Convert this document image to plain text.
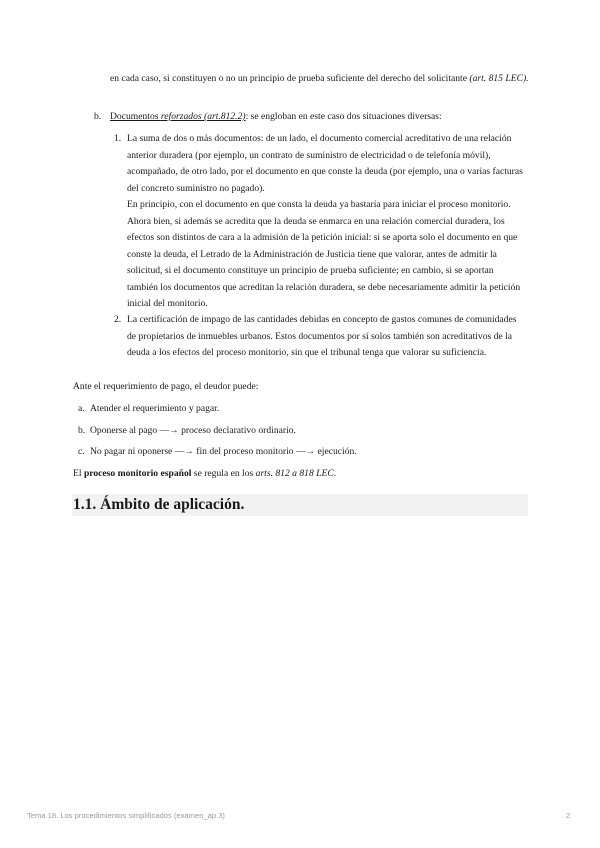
en cada caso, si constituyen o no un principio de prueba suficiente del derecho del solicitante (art. 815 LEC).

b. Documentos reforzados (art.812.2): se engloban en este caso dos situaciones diversas:

1. La suma de dos o más documentos: de un lado, el documento comercial acreditativo de una relación anterior duradera (por ejemplo, un contrato de suministro de electricidad o de telefonía móvil), acompañado, de otro lado, por el documento en que conste la deuda (por ejemplo, una o varias facturas del concreto suministro no pagado).

En principio, con el documento en que consta la deuda ya bastaría para iniciar el proceso monitorio. Ahora bien, si además se acredita que la deuda se enmarca en una relación comercial duradera, los efectos son distintos de cara a la admisión de la petición inicial: si se aporta solo el documento en que conste la deuda, el Letrado de la Administración de Justicia tiene que valorar, antes de admitir la solicitud, si el documento constituye un principio de prueba suficiente; en cambio, si se aportan también los documentos que acreditan la relación duradera, se debe necesariamente admitir la petición inicial del monitorio.

2. La certificación de impago de las cantidades debidas en concepto de gastos comunes de comunidades de propietarios de inmuebles urbanos. Estos documentos por sí solos también son acreditativos de la deuda a los efectos del proceso monitorio, sin que el tribunal tenga que valorar su suficiencia.

Ante el requerimiento de pago, el deudor puede:

a. Atender el requerimiento y pagar.

b. Oponerse al pago —→ proceso declarativo ordinario.

c. No pagar ni oponerse —→ fin del proceso monitorio —→ ejecución.

El proceso monitorio español se regula en los arts. 812 a 818 LEC.

1.1. Ámbito de aplicación.
Tema 18. Los procedimientos simplificados (examen_ap.3)	2
